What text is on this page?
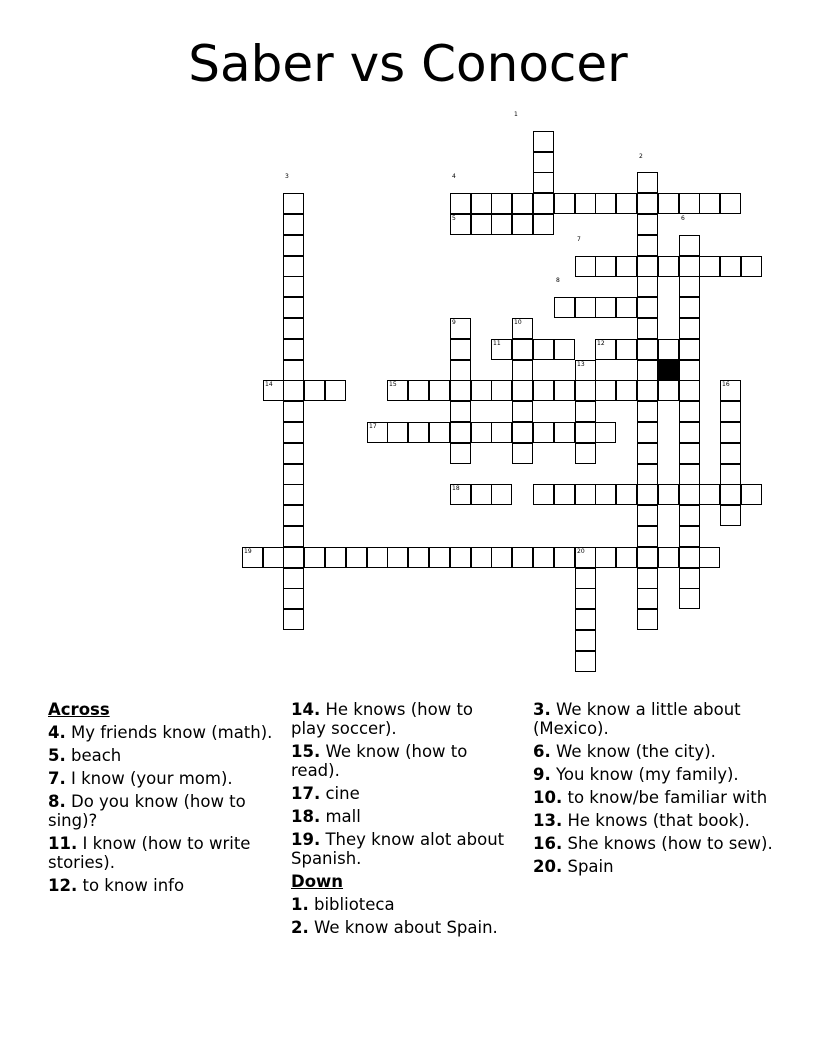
Saber vs Conocer
1
2
3	4
5	6
7
8
9	10
11	12
13
14	15	16
17
18
19	20
Across
4. My friends know (math).
5. beach
7. I know (your mom).
8. Do you know (how to sing)?
11. I know (how to write stories).
12. to know info
14. He knows (how to play soccer).
15. We know (how to read).
17. cine
18. mall
19. They know alot about Spanish.
Down
1. biblioteca
2. We know about Spain.
3. We know a little about (Mexico).
6. We know (the city).
9. You know (my family).
10. to know/be familiar with
13. He knows (that book).
16. She knows (how to sew).
20. Spain
